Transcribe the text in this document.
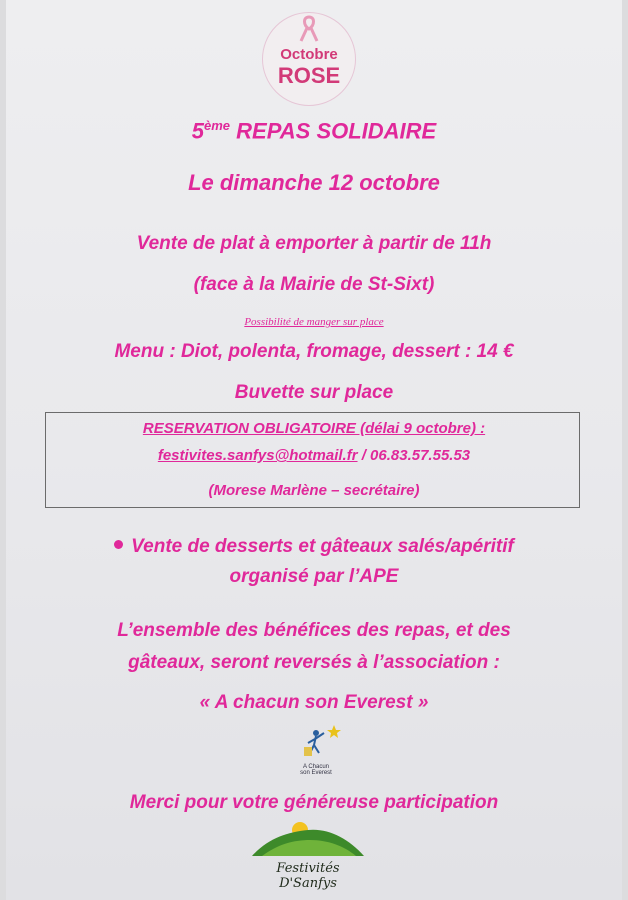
Octobre
ROSE
5ème REPAS SOLIDAIRE
Le dimanche 12 octobre
Vente de plat à emporter à partir de 11h
(face à la Mairie de St-Sixt)
Possibilité de manger sur place
Menu : Diot, polenta, fromage, dessert : 14 €
Buvette sur place
RESERVATION OBLIGATOIRE (délai 9 octobre) :
festivites.sanfys@hotmail.fr / 06.83.57.55.53
(Morese Marlène – secrétaire)
Vente de desserts et gâteaux salés/apéritif
organisé par l’APE
L’ensemble des bénéfices des repas, et des
gâteaux, seront reversés à l’association :
« A chacun son Everest »
A Chacun
son Everest
Merci pour votre généreuse participation
Festivités D'Sanfys
